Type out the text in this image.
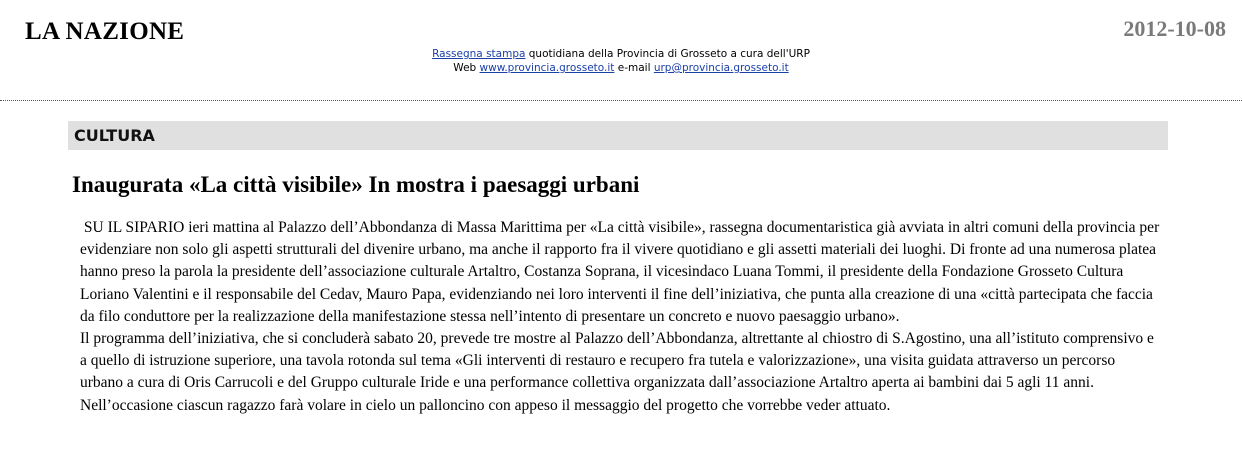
LA NAZIONE	2012-10-08
Rassegna stampa quotidiana della Provincia di Grosseto a cura dell'URP
Web www.provincia.grosseto.it e-mail urp@provincia.grosseto.it
CULTURA
Inaugurata «La città visibile» In mostra i paesaggi urbani

SU IL SIPARIO ieri mattina al Palazzo dell’Abbondanza di Massa Marittima per «La città visibile», rassegna documentaristica già avviata in altri comuni della provincia per evidenziare non solo gli aspetti strutturali del divenire urbano, ma anche il rapporto fra il vivere quotidiano e gli assetti materiali dei luoghi. Di fronte ad una numerosa platea hanno preso la parola la presidente dell’associazione culturale Artaltro, Costanza Soprana, il vicesindaco Luana Tommi, il presidente della Fondazione Grosseto Cultura Loriano Valentini e il responsabile del Cedav, Mauro Papa, evidenziando nei loro interventi il fine dell’iniziativa, che punta alla creazione di una «città partecipata che faccia da filo conduttore per la realizzazione della manifestazione stessa nell’intento di presentare un concreto e nuovo paesaggio urbano».

Il programma dell’iniziativa, che si concluderà sabato 20, prevede tre mostre al Palazzo dell’Abbondanza, altrettante al chiostro di S.Agostino, una all’istituto comprensivo e a quello di istruzione superiore, una tavola rotonda sul tema «Gli interventi di restauro e recupero fra tutela e valorizzazione», una visita guidata attraverso un percorso urbano a cura di Oris Carrucoli e del Gruppo culturale Iride e una performance collettiva organizzata dall’associazione Artaltro aperta ai bambini dai 5 agli 11 anni. Nell’occasione ciascun ragazzo farà volare in cielo un palloncino con appeso il messaggio del progetto che vorrebbe veder attuato.
